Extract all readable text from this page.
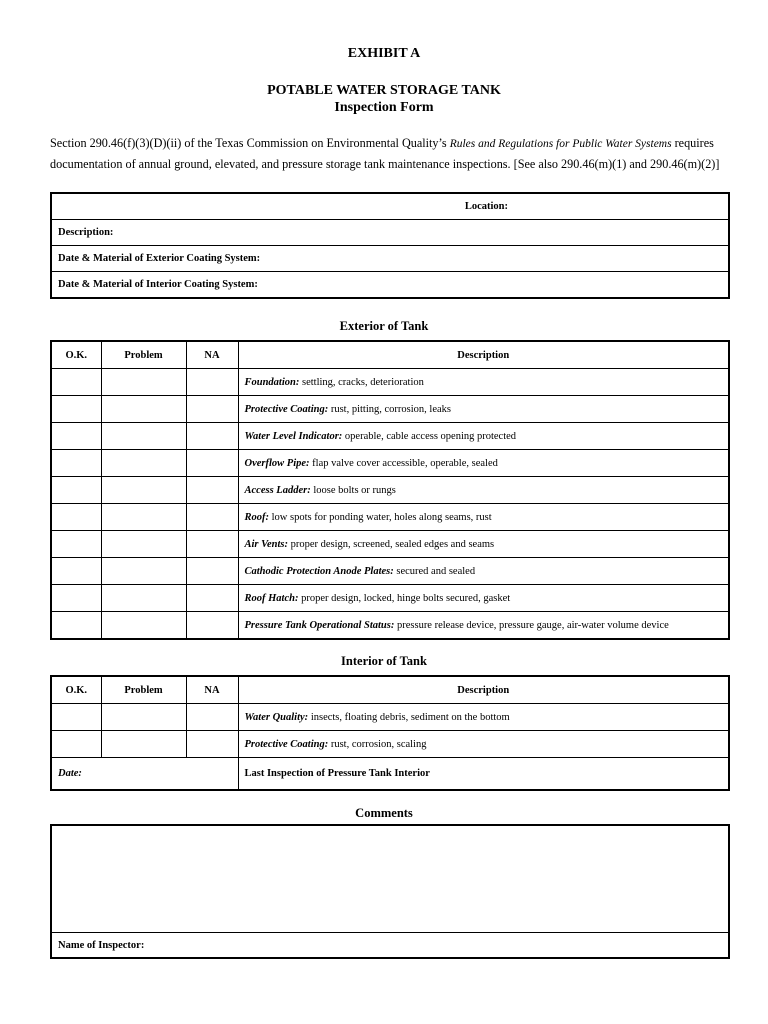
EXHIBIT A
POTABLE WATER STORAGE TANK
Inspection Form
Section 290.46(f)(3)(D)(ii) of the Texas Commission on Environmental Quality’s Rules and Regulations for Public Water Systems requires documentation of annual ground, elevated, and pressure storage tank maintenance inspections. [See also 290.46(m)(1) and 290.46(m)(2)]
Location:
Description:
Date & Material of Exterior Coating System:
Date & Material of Interior Coating System:
Exterior of Tank
O.K.	Problem	NA	Description
			Foundation: settling, cracks, deterioration
			Protective Coating: rust, pitting, corrosion, leaks
			Water Level Indicator: operable, cable access opening protected
			Overflow Pipe: flap valve cover accessible, operable, sealed
			Access Ladder: loose bolts or rungs
			Roof: low spots for ponding water, holes along seams, rust
			Air Vents: proper design, screened, sealed edges and seams
			Cathodic Protection Anode Plates: secured and sealed
			Roof Hatch: proper design, locked, hinge bolts secured, gasket
			Pressure Tank Operational Status: pressure release device, pressure gauge, air-water volume device
Interior of Tank
O.K.	Problem	NA	Description
			Water Quality: insects, floating debris, sediment on the bottom
			Protective Coating: rust, corrosion, scaling
Date:			Last Inspection of Pressure Tank Interior
Comments

Name of Inspector:
